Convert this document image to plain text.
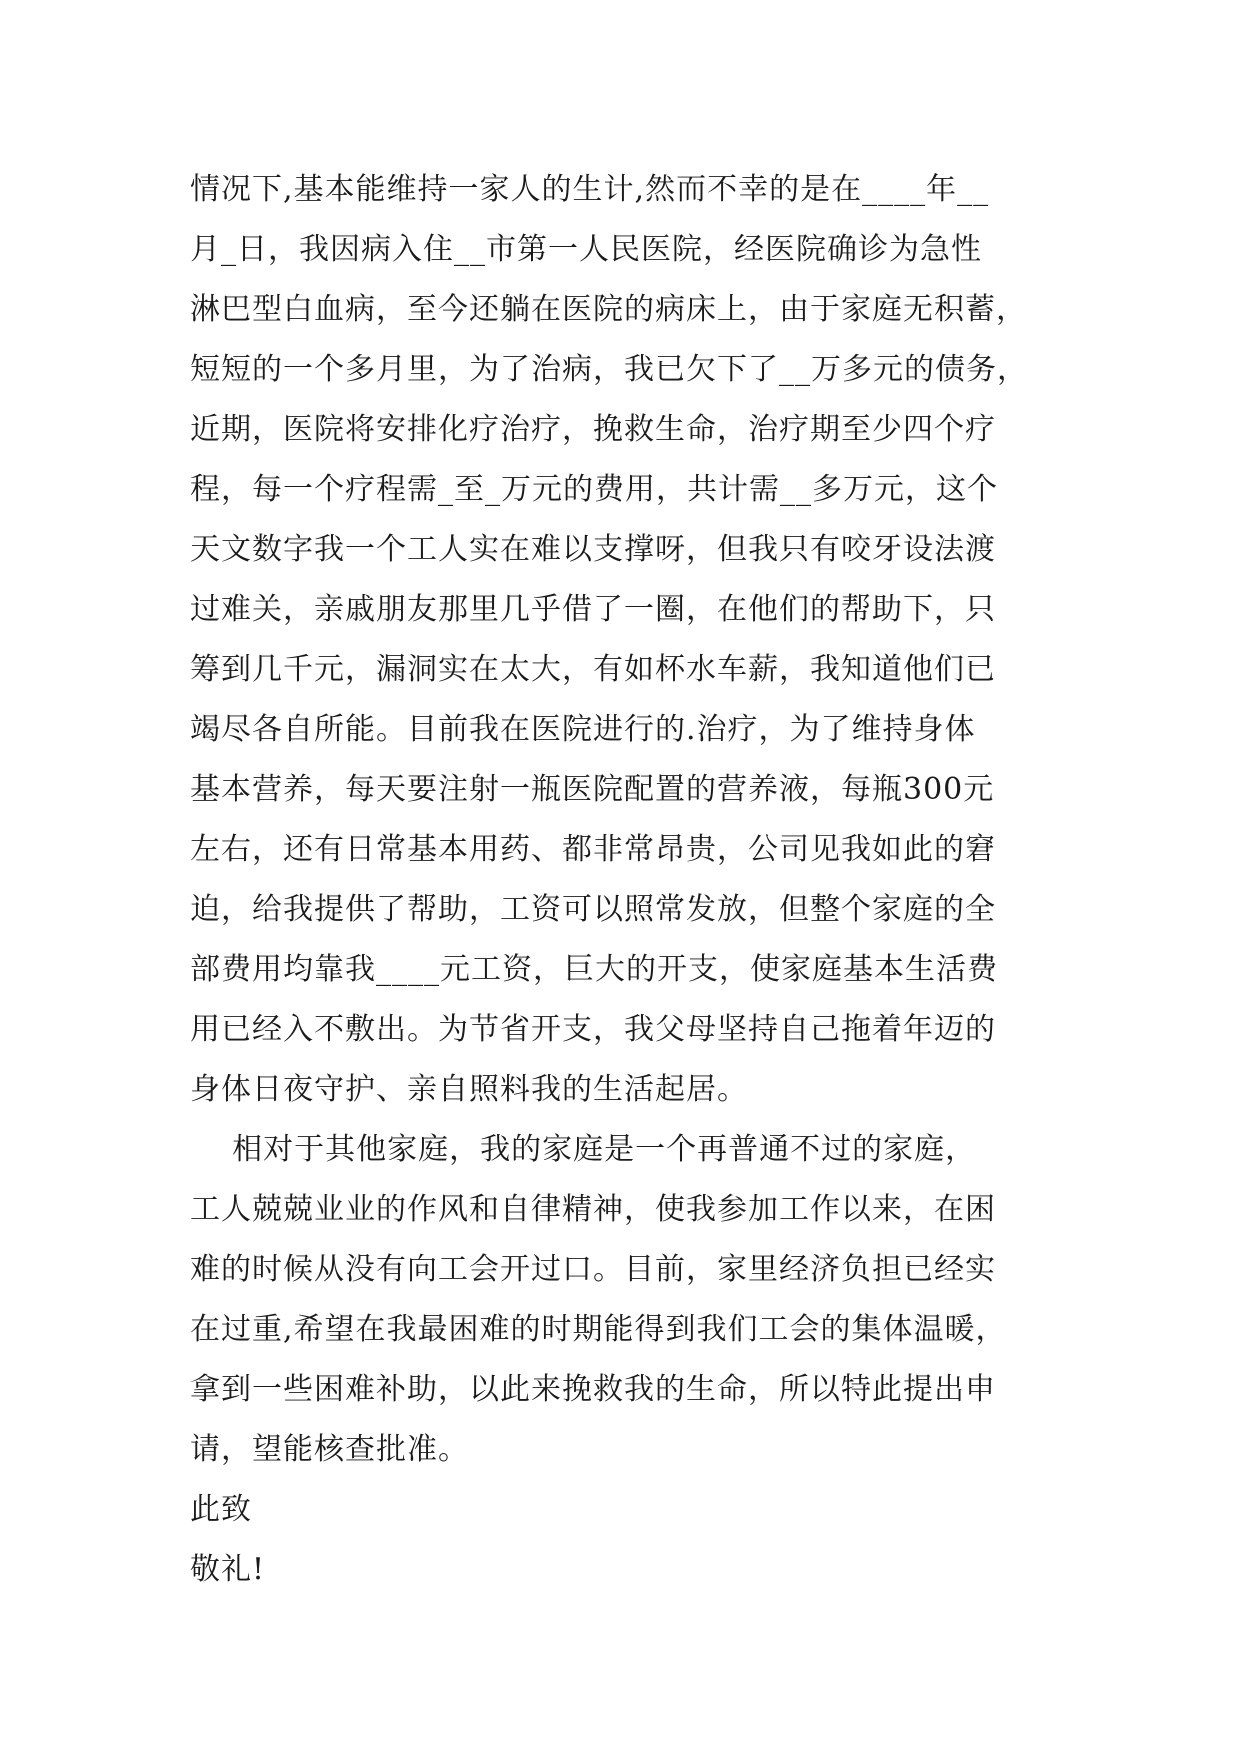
情况下,基本能维持一家人的生计,然而不幸的是在____年__
月_日，我因病入住__市第一人民医院，经医院确诊为急性
淋巴型白血病，至今还躺在医院的病床上，由于家庭无积蓄，
短短的一个多月里，为了治病，我已欠下了__万多元的债务，
近期，医院将安排化疗治疗，挽救生命，治疗期至少四个疗
程，每一个疗程需_至_万元的费用，共计需__多万元，这个
天文数字我一个工人实在难以支撑呀，但我只有咬牙设法渡
过难关，亲戚朋友那里几乎借了一圈，在他们的帮助下，只
筹到几千元，漏洞实在太大，有如杯水车薪，我知道他们已
竭尽各自所能。目前我在医院进行的.治疗，为了维持身体
基本营养，每天要注射一瓶医院配置的营养液，每瓶300元
左右，还有日常基本用药、都非常昂贵，公司见我如此的窘
迫，给我提供了帮助，工资可以照常发放，但整个家庭的全
部费用均靠我____元工资，巨大的开支，使家庭基本生活费
用已经入不敷出。为节省开支，我父母坚持自己拖着年迈的
身体日夜守护、亲自照料我的生活起居。
相对于其他家庭，我的家庭是一个再普通不过的家庭，
工人兢兢业业的作风和自律精神，使我参加工作以来，在困
难的时候从没有向工会开过口。目前，家里经济负担已经实
在过重,希望在我最困难的时期能得到我们工会的集体温暖，
拿到一些困难补助，以此来挽救我的生命，所以特此提出申
请，望能核查批准。
此致
敬礼!
